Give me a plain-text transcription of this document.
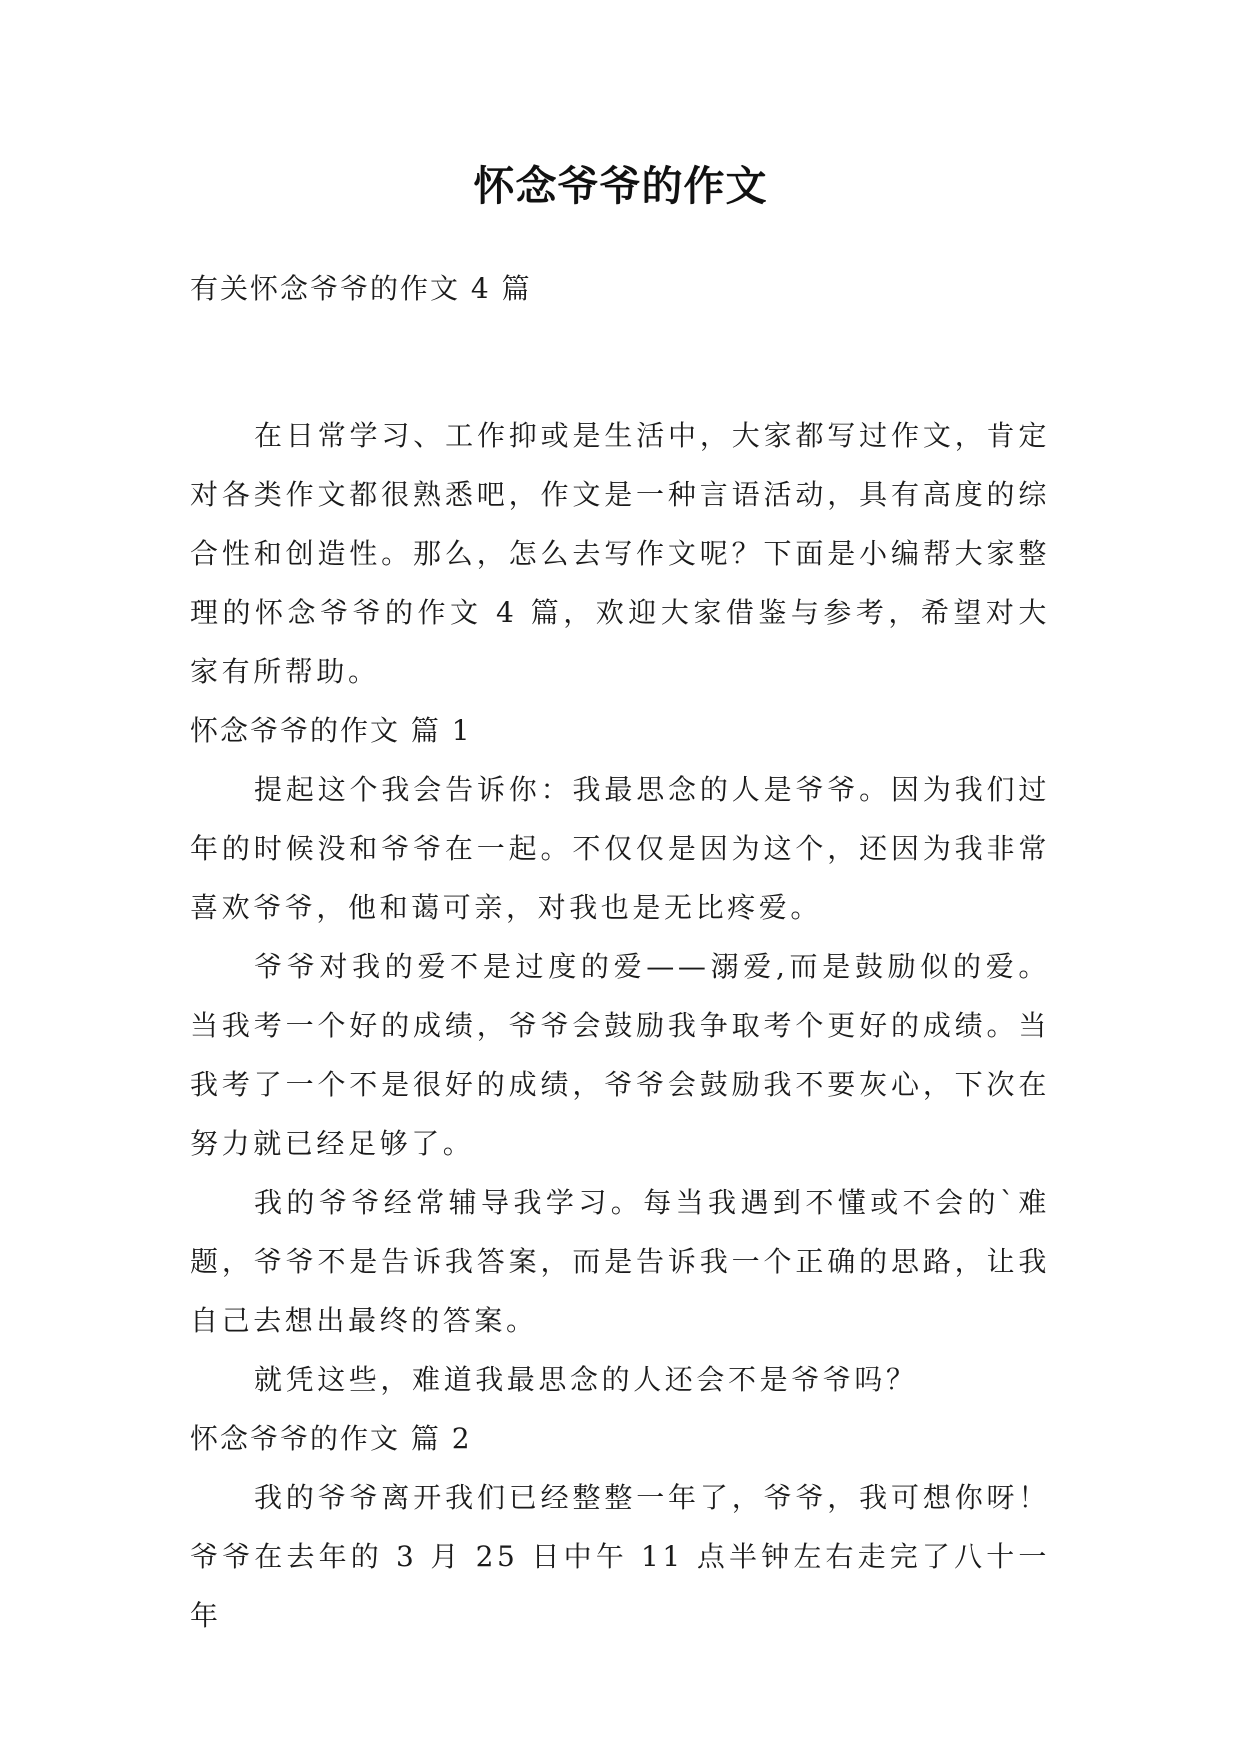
怀念爷爷的作文

有关怀念爷爷的作文 4 篇

在日常学习、工作抑或是生活中，大家都写过作文，肯定对各类作文都很熟悉吧，作文是一种言语活动，具有高度的综合性和创造性。那么，怎么去写作文呢？下面是小编帮大家整理的怀念爷爷的作文 4 篇，欢迎大家借鉴与参考，希望对大家有所帮助。

怀念爷爷的作文 篇 1

提起这个我会告诉你：我最思念的人是爷爷。因为我们过年的时候没和爷爷在一起。不仅仅是因为这个，还因为我非常喜欢爷爷，他和蔼可亲，对我也是无比疼爱。

爷爷对我的爱不是过度的爱——溺爱,而是鼓励似的爱。当我考一个好的成绩，爷爷会鼓励我争取考个更好的成绩。当我考了一个不是很好的成绩，爷爷会鼓励我不要灰心，下次在努力就已经足够了。

我的爷爷经常辅导我学习。每当我遇到不懂或不会的`难题，爷爷不是告诉我答案，而是告诉我一个正确的思路，让我自己去想出最终的答案。

就凭这些，难道我最思念的人还会不是爷爷吗？

怀念爷爷的作文 篇 2

我的爷爷离开我们已经整整一年了，爷爷，我可想你呀！爷爷在去年的 3 月 25 日中午 11 点半钟左右走完了八十一年
